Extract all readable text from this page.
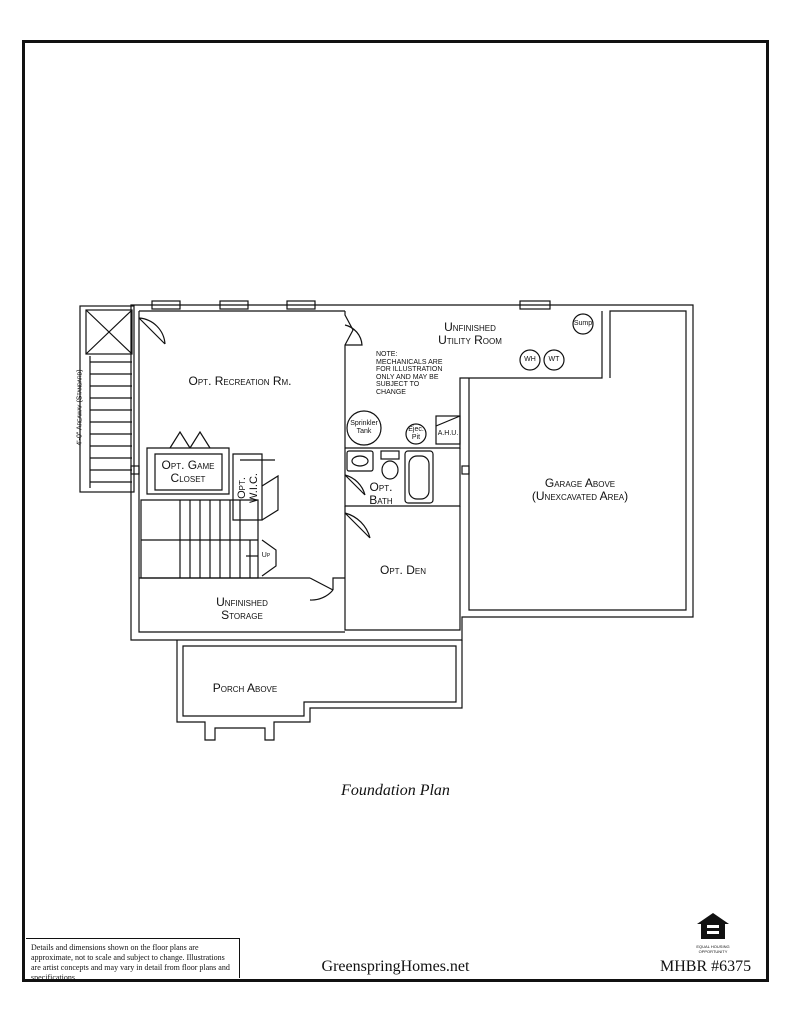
4'-0" Areaway (Standard)	Opt. Recreation Rm.
Unfinished
Utility Room
NOTE:
MECHANICALS ARE
FOR ILLUSTRATION
ONLY AND MAY BE
SUBJECT TO
CHANGE
Sump
WH	WT
Sprinkler
Tank	Ejec.
Pit
A.H.U.
Opt. Game
Closet	Opt. W.I.C.	Opt.
Bath
Opt. Den
Garage Above
(Unexcavated Area)
Up
Unfinished
Storage
Porch Above
Foundation Plan
Details and dimensions shown on the floor plans are approximate, not to scale and subject to change. Illustrations are artist concepts and may vary in detail from floor plans and specifications.
GreenspringHomes.net	MHBR #6375
EQUAL HOUSING
OPPORTUNITY
